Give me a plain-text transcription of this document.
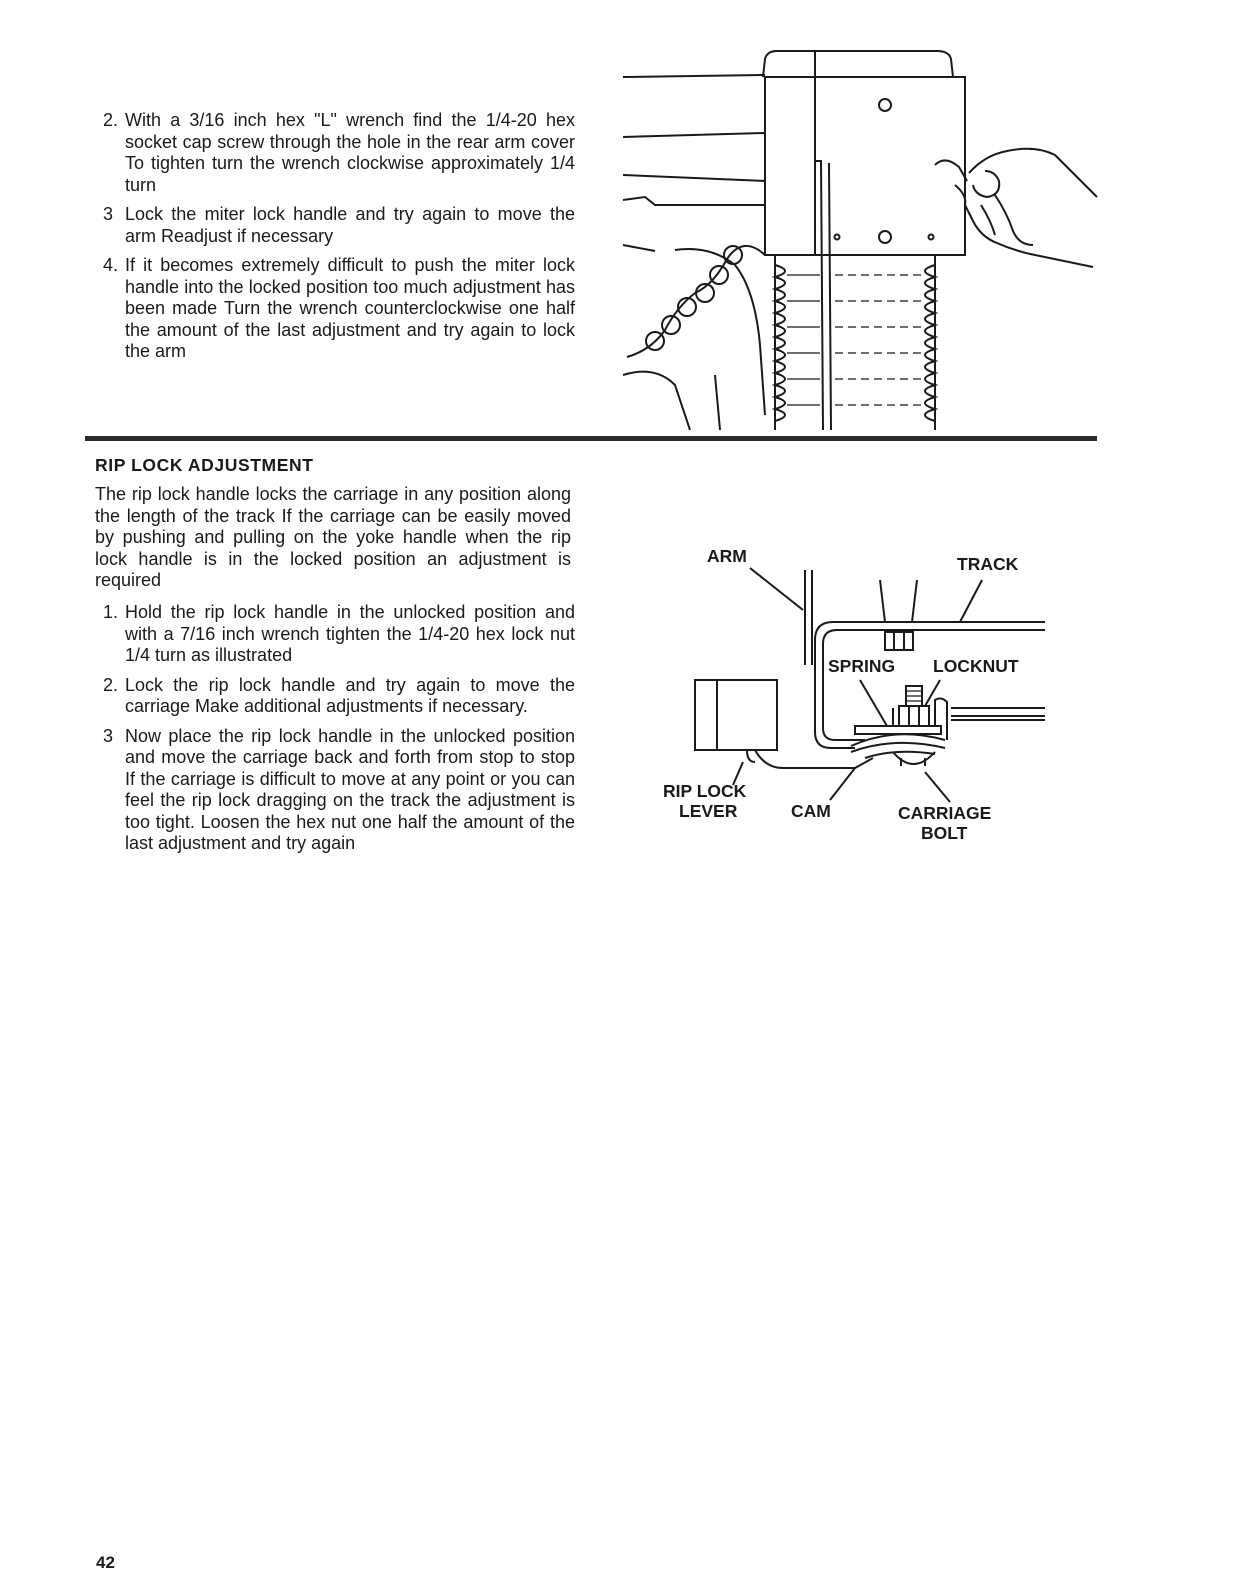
2. With a 3/16 inch hex "L" wrench find the 1/4-20 hex socket cap screw through the hole in the rear arm cover To tighten turn the wrench clockwise approximately 1/4 turn
3 Lock the miter lock handle and try again to move the arm Readjust if necessary
4. If it becomes extremely difficult to push the miter lock handle into the locked position too much adjustment has been made Turn the wrench counterclockwise one half the amount of the last adjustment and try again to lock the arm
RIP LOCK ADJUSTMENT

The rip lock handle locks the carriage in any position along the length of the track If the carriage can be easily moved by pushing and pulling on the yoke handle when the rip lock handle is in the locked position an adjustment is required

1. Hold the rip lock handle in the unlocked position and with a 7/16 inch wrench tighten the 1/4-20 hex lock nut 1/4 turn as illustrated
2. Lock the rip lock handle and try again to move the carriage Make additional adjustments if necessary.
3 Now place the rip lock handle in the unlocked position and move the carriage back and forth from stop to stop If the carriage is difficult to move at any point or you can feel the rip lock dragging on the track the adjustment is too tight. Loosen the hex nut one half the amount of the last adjustment and try again
ARM	TRACK
SPRING LOCKNUT
RIP LOCK
LEVER	CAM	CARRIAGE
BOLT
42
